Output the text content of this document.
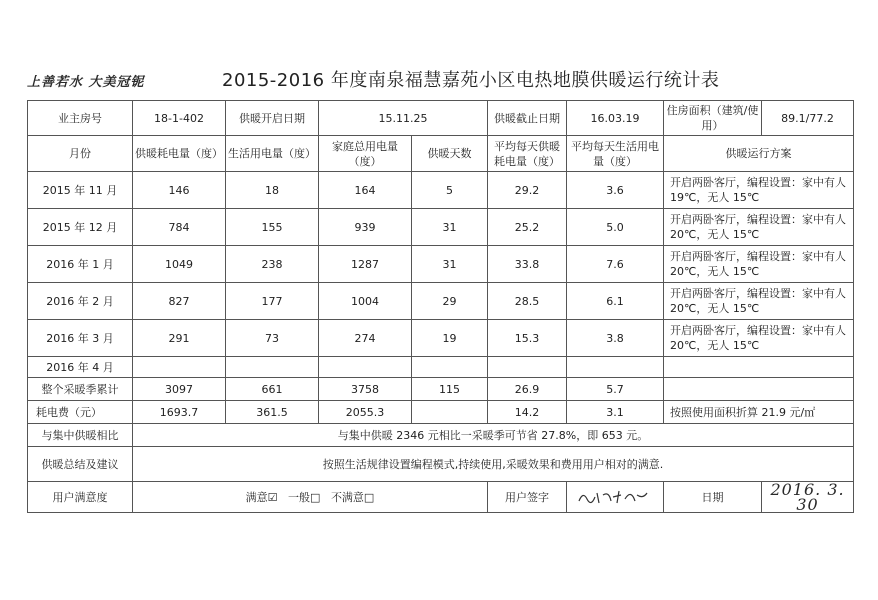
上善若水 大美冠铌	2015-2016 年度南泉福慧嘉苑小区电热地膜供暖运行统计表
业主房号	18-1-402	供暖开启日期	15.11.25		供暖截止日期	16.03.19	住房面积（建筑/使用）	89.1/77.2
月份	供暖耗电量（度）	生活用电量（度）	家庭总用电量（度）	供暖天数	平均每天供暖耗电量（度）	平均每天生活用电量（度）	供暖运行方案	
2015 年 11 月	146	18	164	5	29.2	3.6	开启两卧客厅，编程设置：家中有人 19℃，无人 15℃	
2015 年 12 月	784	155	939	31	25.2	5.0	开启两卧客厅，编程设置：家中有人 20℃，无人 15℃	
2016 年 1 月	1049	238	1287	31	33.8	7.6	开启两卧客厅，编程设置：家中有人 20℃，无人 15℃	
2016 年 2 月	827	177	1004	29	28.5	6.1	开启两卧客厅，编程设置：家中有人 20℃，无人 15℃	
2016 年 3 月	291	73	274	19	15.3	3.8	开启两卧客厅，编程设置：家中有人 20℃，无人 15℃	
2016 年 4 月								
整个采暖季累计	3097	661	3758	115	26.9	5.7		
耗电费（元）	1693.7	361.5	2055.3		14.2	3.1	按照使用面积折算 21.9 元/㎡	
与集中供暖相比	与集中供暖 2346 元相比一采暖季可节省 27.8%，即 653 元。							
供暖总结及建议	按照生活规律设置编程模式,持续使用,采暖效果和费用用户相对的满意.							
用户满意度	满意☑ 一般□ 不满意□				用户签字		日期	2016. 3. 30
